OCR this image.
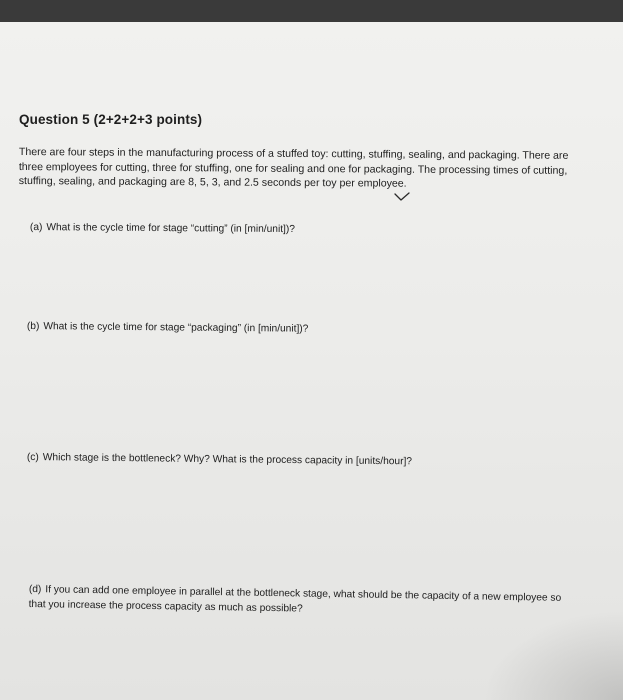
Question 5 (2+2+2+3 points)

There are four steps in the manufacturing process of a stuffed toy: cutting, stuffing, sealing, and packaging. There are three employees for cutting, three for stuffing, one for sealing and one for packaging. The processing times of cutting, stuffing, sealing, and packaging are 8, 5, 3, and 2.5 seconds per toy per employee.

(a) What is the cycle time for stage “cutting” (in [min/unit])?

(b) What is the cycle time for stage “packaging” (in [min/unit])?

(c) Which stage is the bottleneck? Why? What is the process capacity in [units/hour]?

(d) If you can add one employee in parallel at the bottleneck stage, what should be the capacity of a new employee so that you increase the process capacity as much as possible?
